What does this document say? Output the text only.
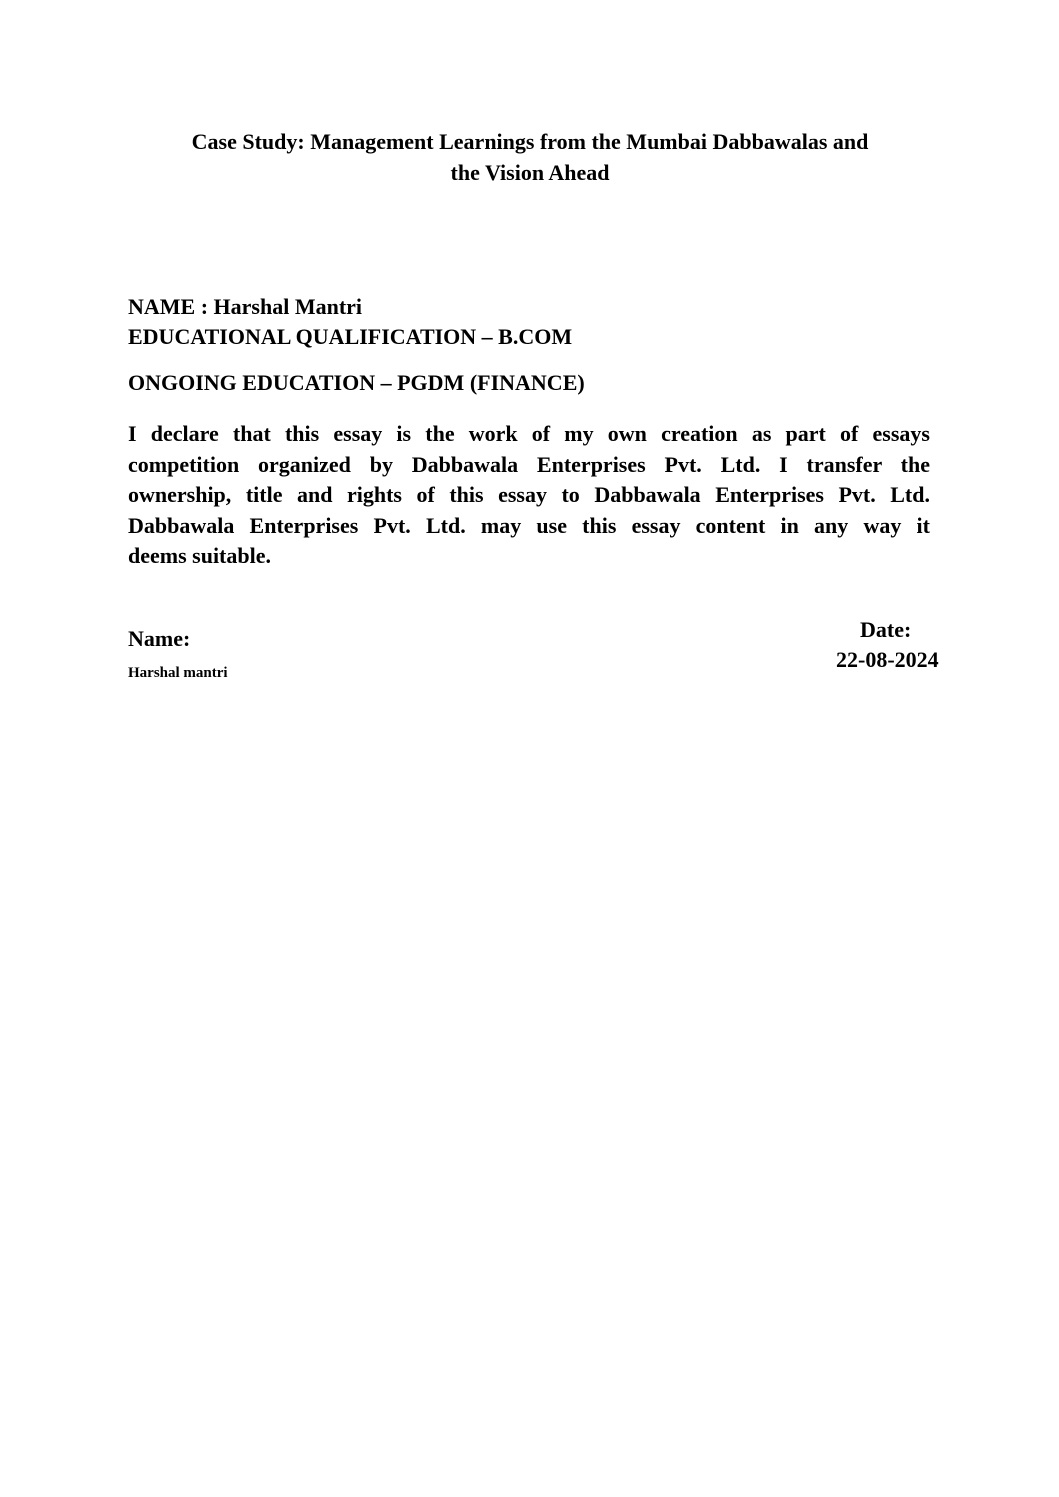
Case Study: Management Learnings from the Mumbai Dabbawalas and
the Vision Ahead
NAME : Harshal Mantri
EDUCATIONAL QUALIFICATION – B.COM
ONGOING EDUCATION – PGDM (FINANCE)
I declare that this essay is the work of my own creation as part of essays
competition organized by Dabbawala Enterprises Pvt. Ltd. I transfer the
ownership, title and rights of this essay to Dabbawala Enterprises Pvt. Ltd.
Dabbawala Enterprises Pvt. Ltd. may use this essay content in any way it
deems suitable.
Name:
Harshal mantri
Date:
22-08-2024
